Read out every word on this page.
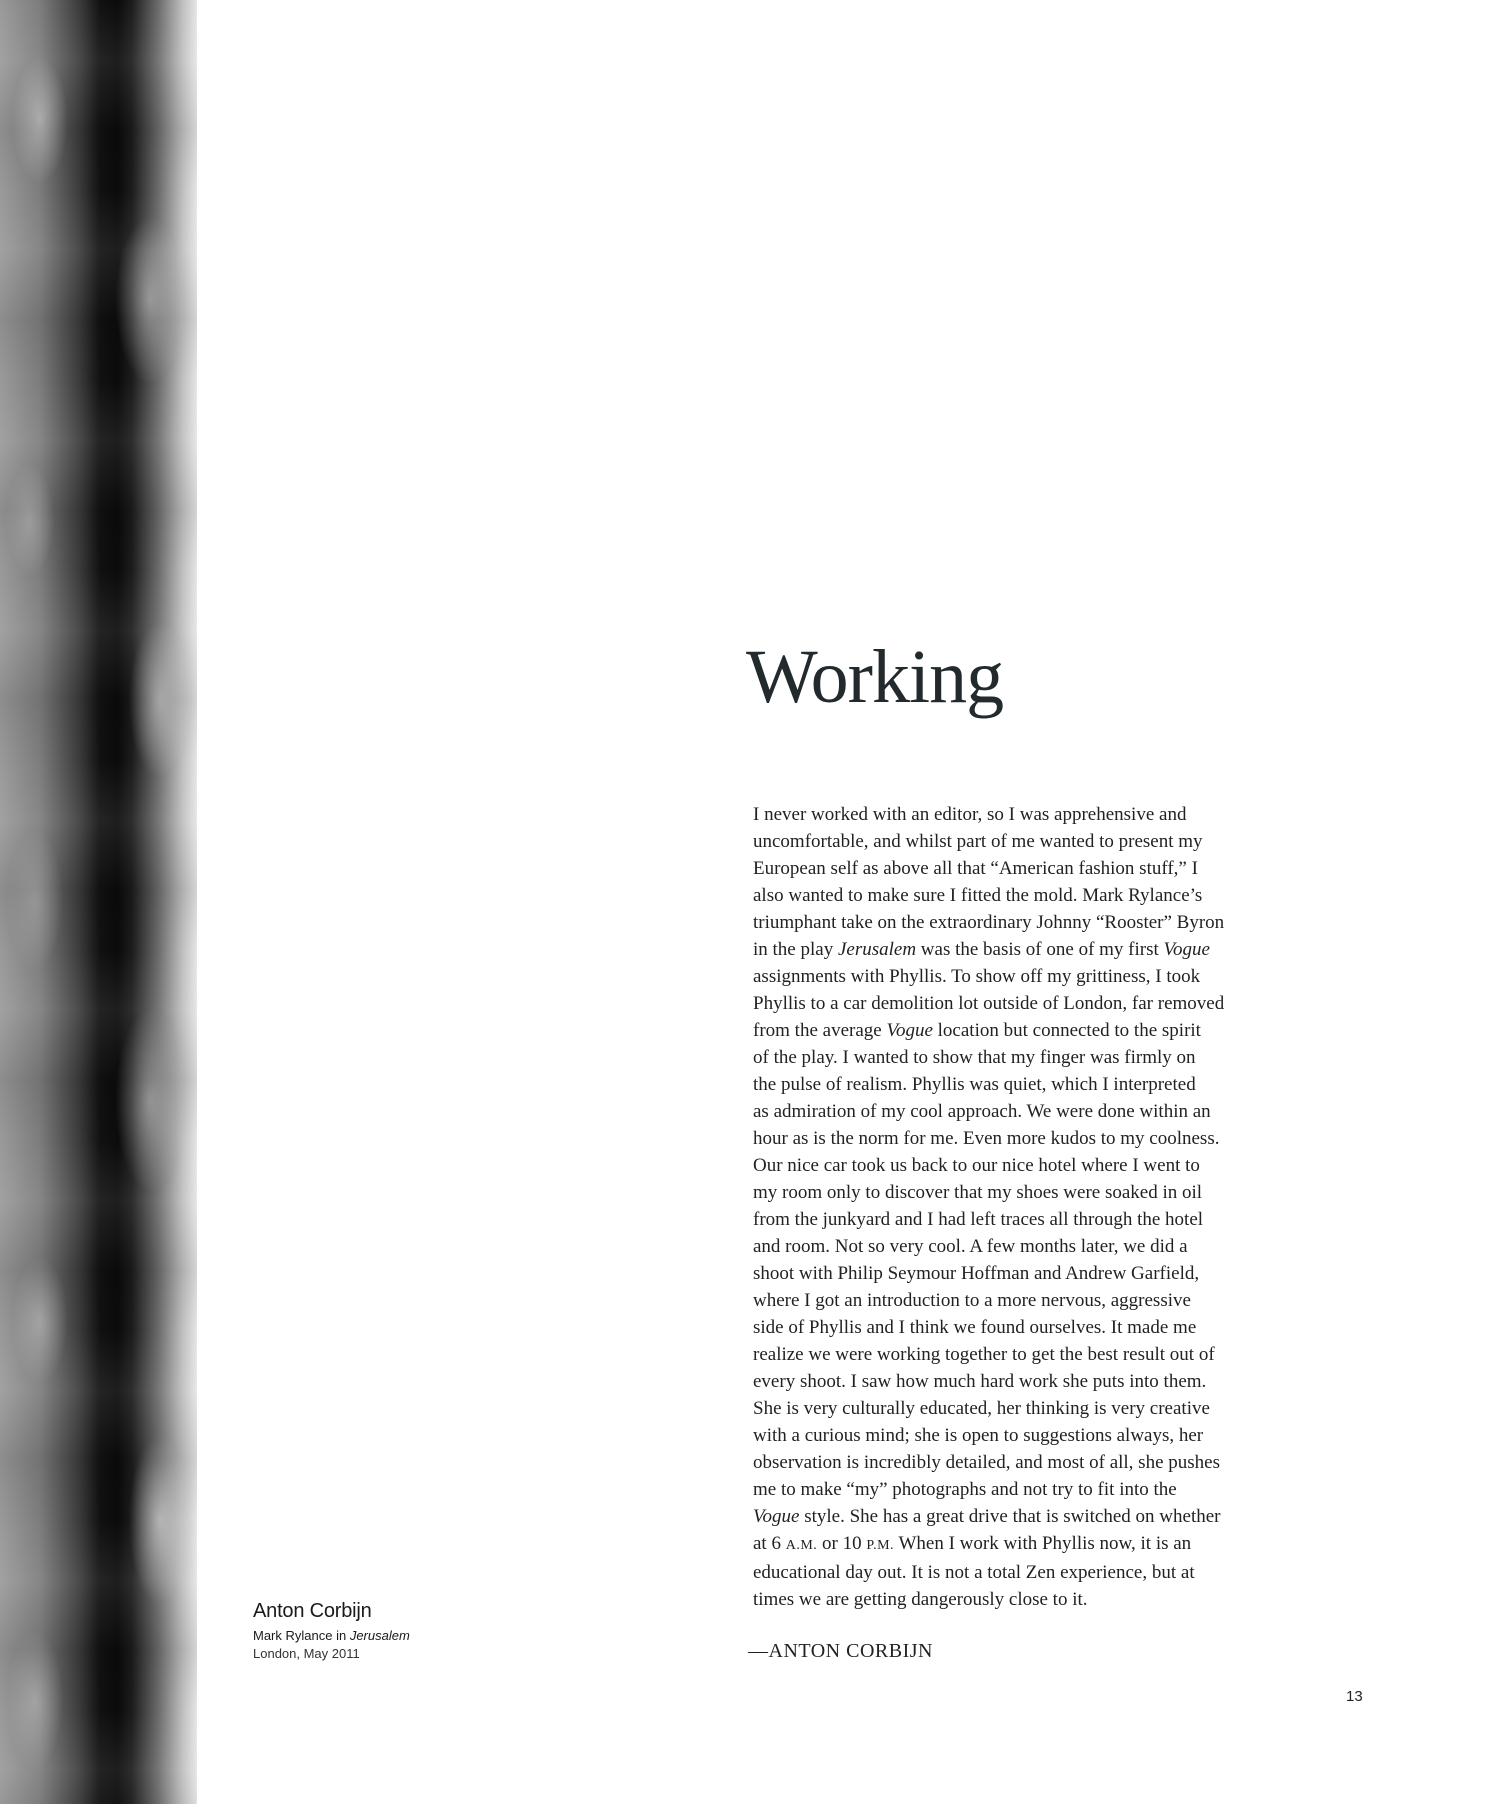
Anton Corbijn

Mark Rylance in Jerusalem

London, May 2011

Working
I never worked with an editor, so I was apprehensive and
uncomfortable, and whilst part of me wanted to present my
European self as above all that “American fashion stuff,” I
also wanted to make sure I fitted the mold. Mark Rylance’s
triumphant take on the extraordinary Johnny “Rooster” Byron
in the play Jerusalem was the basis of one of my first Vogue
assignments with Phyllis. To show off my grittiness, I took
Phyllis to a car demolition lot outside of London, far removed
from the average Vogue location but connected to the spirit
of the play. I wanted to show that my finger was firmly on
the pulse of realism. Phyllis was quiet, which I interpreted
as admiration of my cool approach. We were done within an
hour as is the norm for me. Even more kudos to my coolness.
Our nice car took us back to our nice hotel where I went to
my room only to discover that my shoes were soaked in oil
from the junkyard and I had left traces all through the hotel
and room. Not so very cool. A few months later, we did a
shoot with Philip Seymour Hoffman and Andrew Garfield,
where I got an introduction to a more nervous, aggressive
side of Phyllis and I think we found ourselves. It made me
realize we were working together to get the best result out of
every shoot. I saw how much hard work she puts into them.
She is very culturally educated, her thinking is very creative
with a curious mind; she is open to suggestions always, her
observation is incredibly detailed, and most of all, she pushes
me to make “my” photographs and not try to fit into the
Vogue style. She has a great drive that is switched on whether
at 6 A.M. or 10 P.M. When I work with Phyllis now, it is an
educational day out. It is not a total Zen experience, but at
times we are getting dangerously close to it.

—ANTON CORBIJN

13
